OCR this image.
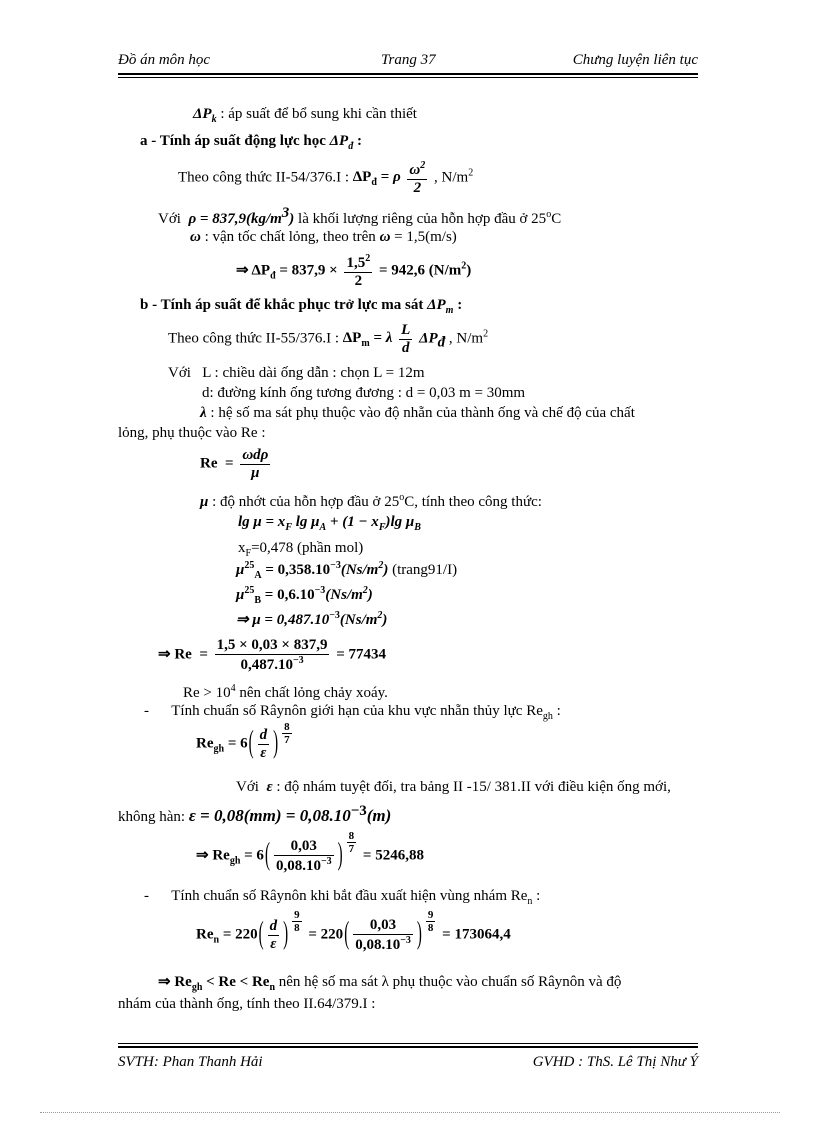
Đồ án môn học	Trang 37	Chưng luyện liên tục
$\Delta P_k$ : áp suất để bổ sung khi cần thiết
a - Tính áp suất động lực học $\Delta P_đ$ :
Theo công thức II-54/376.I : $\Delta P_đ = \rho \frac{\omega^2}{2}$ , $N/m^2$
Với $\rho = 837,9(kg/m^3)$ là khối lượng riêng của hỗn hợp đầu ở 25$^o$C
ω : vận tốc chất lỏng, theo trên ω = 1,5(m/s)
⇒ $\Delta P_đ = 837,9 \times \frac{1,5^2}{2} = 942,6$ $(N/m^2)$
b - Tính áp suất để khắc phục trở lực ma sát $\Delta P_m$ :
Theo công thức II-55/376.I : $\Delta P_m = \lambda \frac{L}{d} \Delta P_đ$ , $N/m^2$
Với L : chiều dài ống dẫn : chọn L = 12m
d: đường kính ống tương đương : d = 0,03 m = 30mm
λ : hệ số ma sát phụ thuộc vào độ nhẵn của thành ống và chế độ của chất
lỏng, phụ thuộc vào Re :
$Re = \frac{\text{ωdρ}}{\mu}$
μ : độ nhớt của hỗn hợp đầu ở 25$^o$C, tính theo công thức:
$\lg \mu = x_F$ $\lg \mu_A + (1 - x_F)\lg$ $\mu_B$
$x_F=0,478$ (phần mol)
$\mu^{25}_A = 0,358.10^{-3}(Ns/m^2)$ (trang91/I)
$\mu^{25}_B = 0,6.10^{-3}(Ns/m^2)$
⇒ $\mu = 0,487.10^{-3}(Ns/m^2)$
⇒ $Re = \frac{1,5 \times 0,03 \times 837,9}{0,487.10^{-3}} = 77434$
$Re > 10^4$ nên chất lỏng chảy xoáy.
- Tính chuẩn số Râynôn giới hạn của khu vực nhẵn thủy lực $Re_{gh}$ :
$Re_{gh} = 6( \frac{d}{\varepsilon}$ ) $\frac{8}{7}$
Với ε : độ nhám tuyệt đối, tra bảng II -15/ 381.II với điều kiện ống mới,
không hàn: $\varepsilon = 0,08(mm) = 0,08.10^{-3}(m)$
⇒ $Re_{gh} = 6( \frac{0,03}{0,08.10^{-3}}$ ) $\frac{8}{7}$
= 5246,88
- Tính chuẩn số Râynôn khi bắt đầu xuất hiện vùng nhám $Re_n$ :
$Re_n = 220( \frac{d}{\varepsilon}$ ) $\frac{9}{8}$
= $220( \frac{0,03}{0,08.10^{-3}}$ ) $\frac{9}{8}$
= 173064,4
⇒ $Re_{gh} < Re < Re_n$ nên hệ số ma sát λ phụ thuộc vào chuẩn số Râynôn và độ
nhám của thành ống, tính theo II.64/379.I :
SVTH: Phan Thanh Hải	GVHD : ThS. Lê Thị Như Ý
